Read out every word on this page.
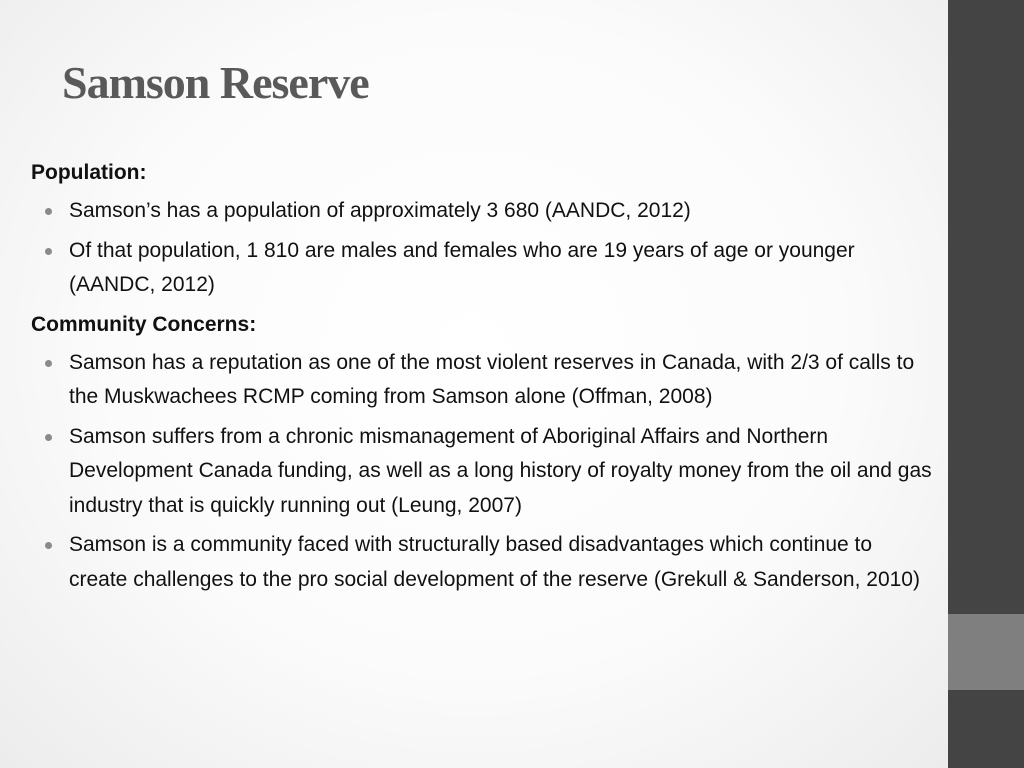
Samson Reserve
Population:
Samson’s has a population of approximately 3 680 (AANDC, 2012)
Of that population, 1 810 are males and females who are 19 years of age or younger (AANDC, 2012)
Community Concerns:
Samson has a reputation as one of the most violent reserves in Canada, with 2/3 of calls to the Muskwachees RCMP coming from Samson alone (Offman, 2008)
Samson suffers from a chronic mismanagement of Aboriginal Affairs and Northern Development Canada funding, as well as a long history of royalty money from the oil and gas industry that is quickly running out (Leung, 2007)
Samson is a community faced with structurally based disadvantages which continue to create challenges to the pro social development of the reserve (Grekull & Sanderson, 2010)
